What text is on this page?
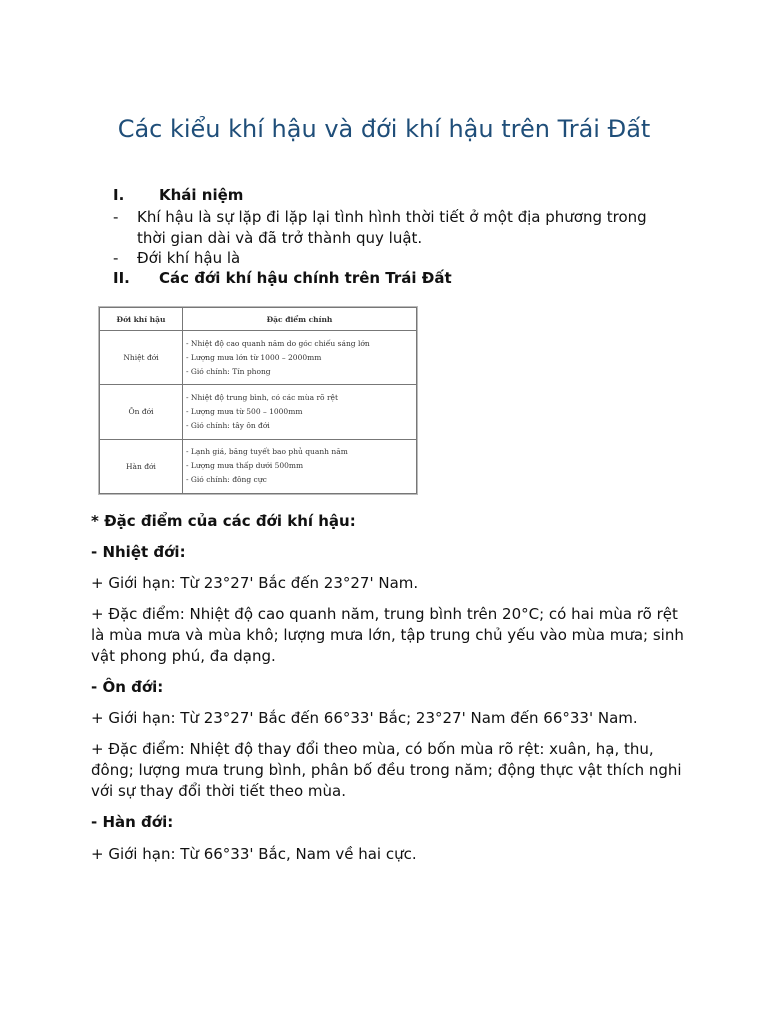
Các kiểu khí hậu và đới khí hậu trên Trái Đất
I. Khái niệm
- Khí hậu là sự lặp đi lặp lại tình hình thời tiết ở một địa phương trong thời gian dài và đã trở thành quy luật.
- Đới khí hậu là
II. Các đới khí hậu chính trên Trái Đất
Đới khí hậu	Đặc điểm chính
Nhiệt đới	- Nhiệt độ cao quanh năm do góc chiếu sáng lớn
- Lượng mưa lớn từ 1000 – 2000mm
- Gió chính: Tín phong

Ôn đới	- Nhiệt độ trung bình, có các mùa rõ rệt
- Lượng mưa từ 500 – 1000mm
- Gió chính: tây ôn đới

Hàn đới	- Lạnh giá, băng tuyết bao phủ quanh năm
- Lượng mưa thấp dưới 500mm
- Gió chính: đông cực
* Đặc điểm của các đới khí hậu:
- Nhiệt đới:
+ Giới hạn: Từ 23°27' Bắc đến 23°27' Nam.
+ Đặc điểm: Nhiệt độ cao quanh năm, trung bình trên 20°C; có hai mùa rõ rệt là mùa mưa và mùa khô; lượng mưa lớn, tập trung chủ yếu vào mùa mưa; sinh vật phong phú, đa dạng.
- Ôn đới:
+ Giới hạn: Từ 23°27' Bắc đến 66°33' Bắc; 23°27' Nam đến 66°33' Nam.
+ Đặc điểm: Nhiệt độ thay đổi theo mùa, có bốn mùa rõ rệt: xuân, hạ, thu, đông; lượng mưa trung bình, phân bố đều trong năm; động thực vật thích nghi với sự thay đổi thời tiết theo mùa.
- Hàn đới:
+ Giới hạn: Từ 66°33' Bắc, Nam về hai cực.
